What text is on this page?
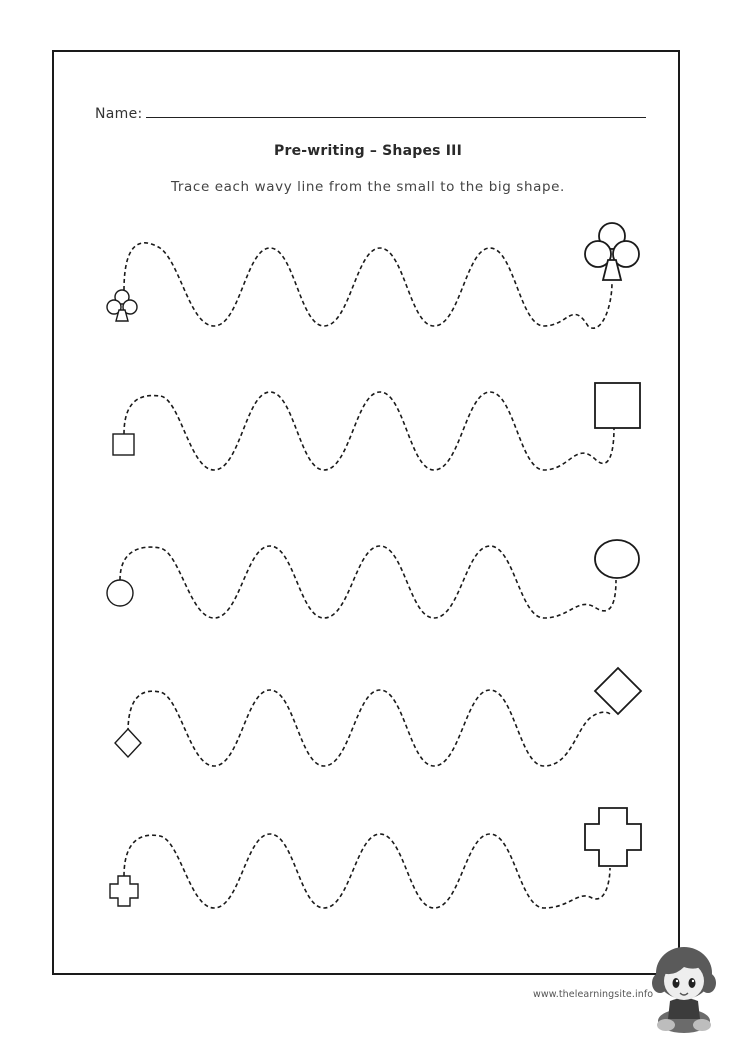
Name:
Pre-writing – Shapes III
Trace each wavy line from the small to the big shape.
www.thelearningsite.info
